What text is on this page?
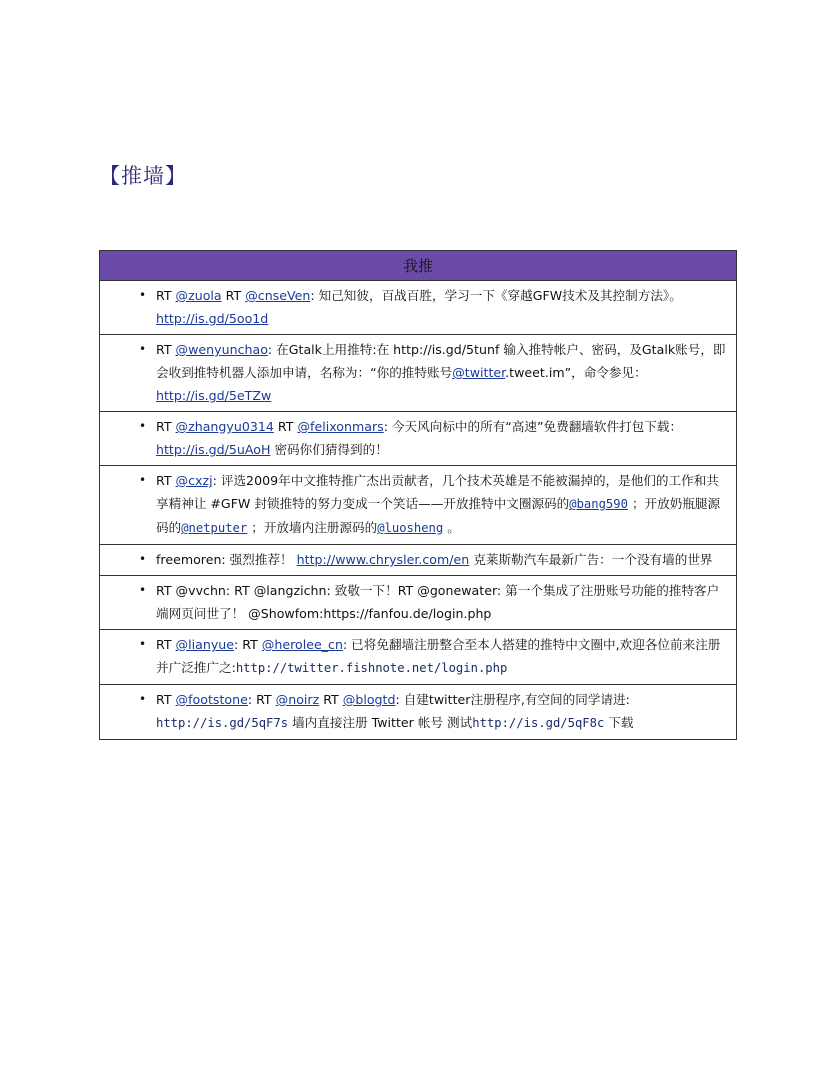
【推墙】
我推

• RT @zuola RT @cnseVen: 知己知彼，百战百胜，学习一下《穿越GFW技术及其控制方法》。http://is.gd/5oo1d

• RT @wenyunchao: 在Gtalk上用推特:在 http://is.gd/5tunf 输入推特帐户、密码，及Gtalk账号，即会收到推特机器人添加申请，名称为：“你的推特账号@twitter.tweet.im”，命令参见：http://is.gd/5eTZw

• RT @zhangyu0314 RT @felixonmars: 今天风向标中的所有“高速”免费翻墙软件打包下载：http://is.gd/5uAoH 密码你们猜得到的！

• RT @cxzj: 评选2009年中文推特推广杰出贡献者，几个技术英雄是不能被漏掉的，是他们的工作和共享精神让 #GFW 封锁推特的努力变成一个笑话——开放推特中文圈源码的@bang590 ；开放奶瓶腿源码的@netputer ；开放墙内注册源码的@luosheng 。

• freemoren: 强烈推荐！ http://www.chrysler.com/en 克莱斯勒汽车最新广告：一个没有墙的世界

• RT @vvchn: RT @langzichn: 致敬一下！RT @gonewater: 第一个集成了注册账号功能的推特客户端网页问世了！ @Showfom:https://fanfou.de/login.php

• RT @lianyue: RT @herolee_cn: 已将免翻墙注册整合至本人搭建的推特中文圈中,欢迎各位前来注册并广泛推广之:http://twitter.fishnote.net/login.php

• RT @footstone: RT @noirz RT @blogtd: 自建twitter注册程序,有空间的同学请进: http://is.gd/5qF7s 墙内直接注册 Twitter 帐号 测试http://is.gd/5qF8c 下载
